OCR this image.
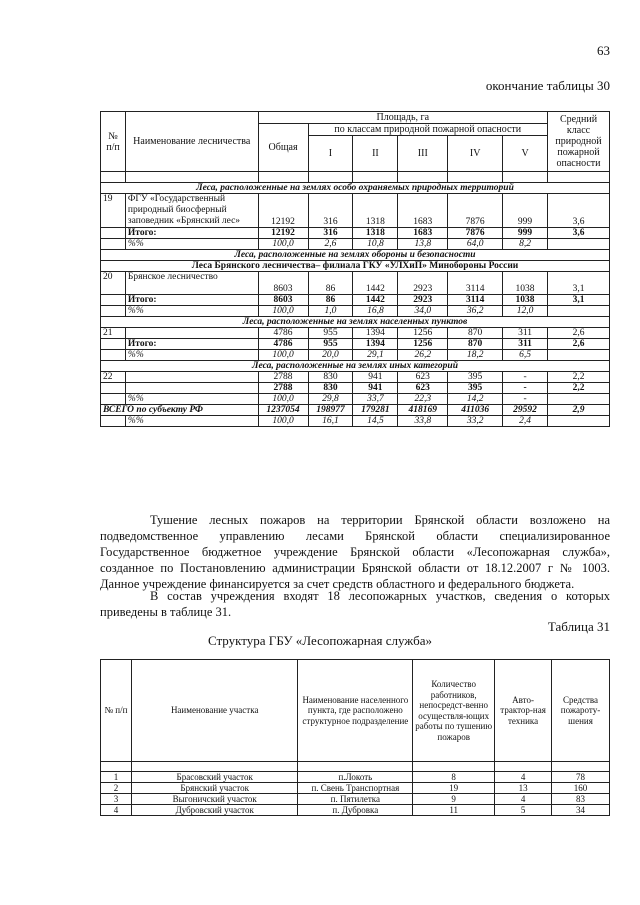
63
окончание таблицы 30
№ п/п	Наименование лесничества	Площадь, га						Средний класс природной пожарной опасности
		Общая	по классам природной пожарной опасности					
			I	II	III	IV	V	

Леса, расположенные на землях особо охраняемых природных территорий								
19	ФГУ «Государственный природный биосферный заповедник «Брянский лес»	12192	316	1318	1683	7876	999	3,6
	Итого:	12192	316	1318	1683	7876	999	3,6
	%%	100,0	2,6	10,8	13,8	64,0	8,2	
Леса, расположенные на землях обороны и безопасности								
Леса Брянского лесничества– филиала ГКУ «УЛХиП» Минобороны России								
20	Брянское лесничество	8603	86	1442	2923	3114	1038	3,1
	Итого:	8603	86	1442	2923	3114	1038	3,1
	%%	100,0	1,0	16,8	34,0	36,2	12,0	
Леса, расположенные на землях населенных пунктов								
21		4786	955	1394	1256	870	311	2,6
	Итого:	4786	955	1394	1256	870	311	2,6
	%%	100,0	20,0	29,1	26,2	18,2	6,5	
Леса, расположенные на землях иных категорий								
22		2788	830	941	623	395	-	2,2
		2788	830	941	623	395	-	2,2
	%%	100,0	29,8	33,7	22,3	14,2	-	
ВСЕГО по субъекту РФ		1237054	198977	179281	418169	411036	29592	2,9
	%%	100,0	16,1	14,5	33,8	33,2	2,4	
Тушение лесных пожаров на территории Брянской области возложено на подведомственное управлению лесами Брянской области специализированное Государственное бюджетное учреждение Брянской области «Лесопожарная служба», созданное по Постановлению администрации Брянской области от 18.12.2007 г № 1003. Данное учреждение финансируется за счет средств областного и федерального бюджета.
В состав учреждения входят 18 лесопожарных участков, сведения о которых приведены в таблице 31.
Таблица 31
Структура ГБУ «Лесопожарная служба»
№ п/п	Наименование участка	Наименование населенного пункта, где расположено структурное подразделение	Количество работников, непосредст-венно осуществля-ющих работы по тушению пожаров	Авто-трактор-ная техника	Средства пожароту-шения

1	Брасовский участок	п.Локоть	8	4	78
2	Брянский участок	п. Свень Транспортная	19	13	160
3	Выгоничский участок	п. Пятилетка	9	4	83
4	Дубровский участок	п. Дубровка	11	5	34
